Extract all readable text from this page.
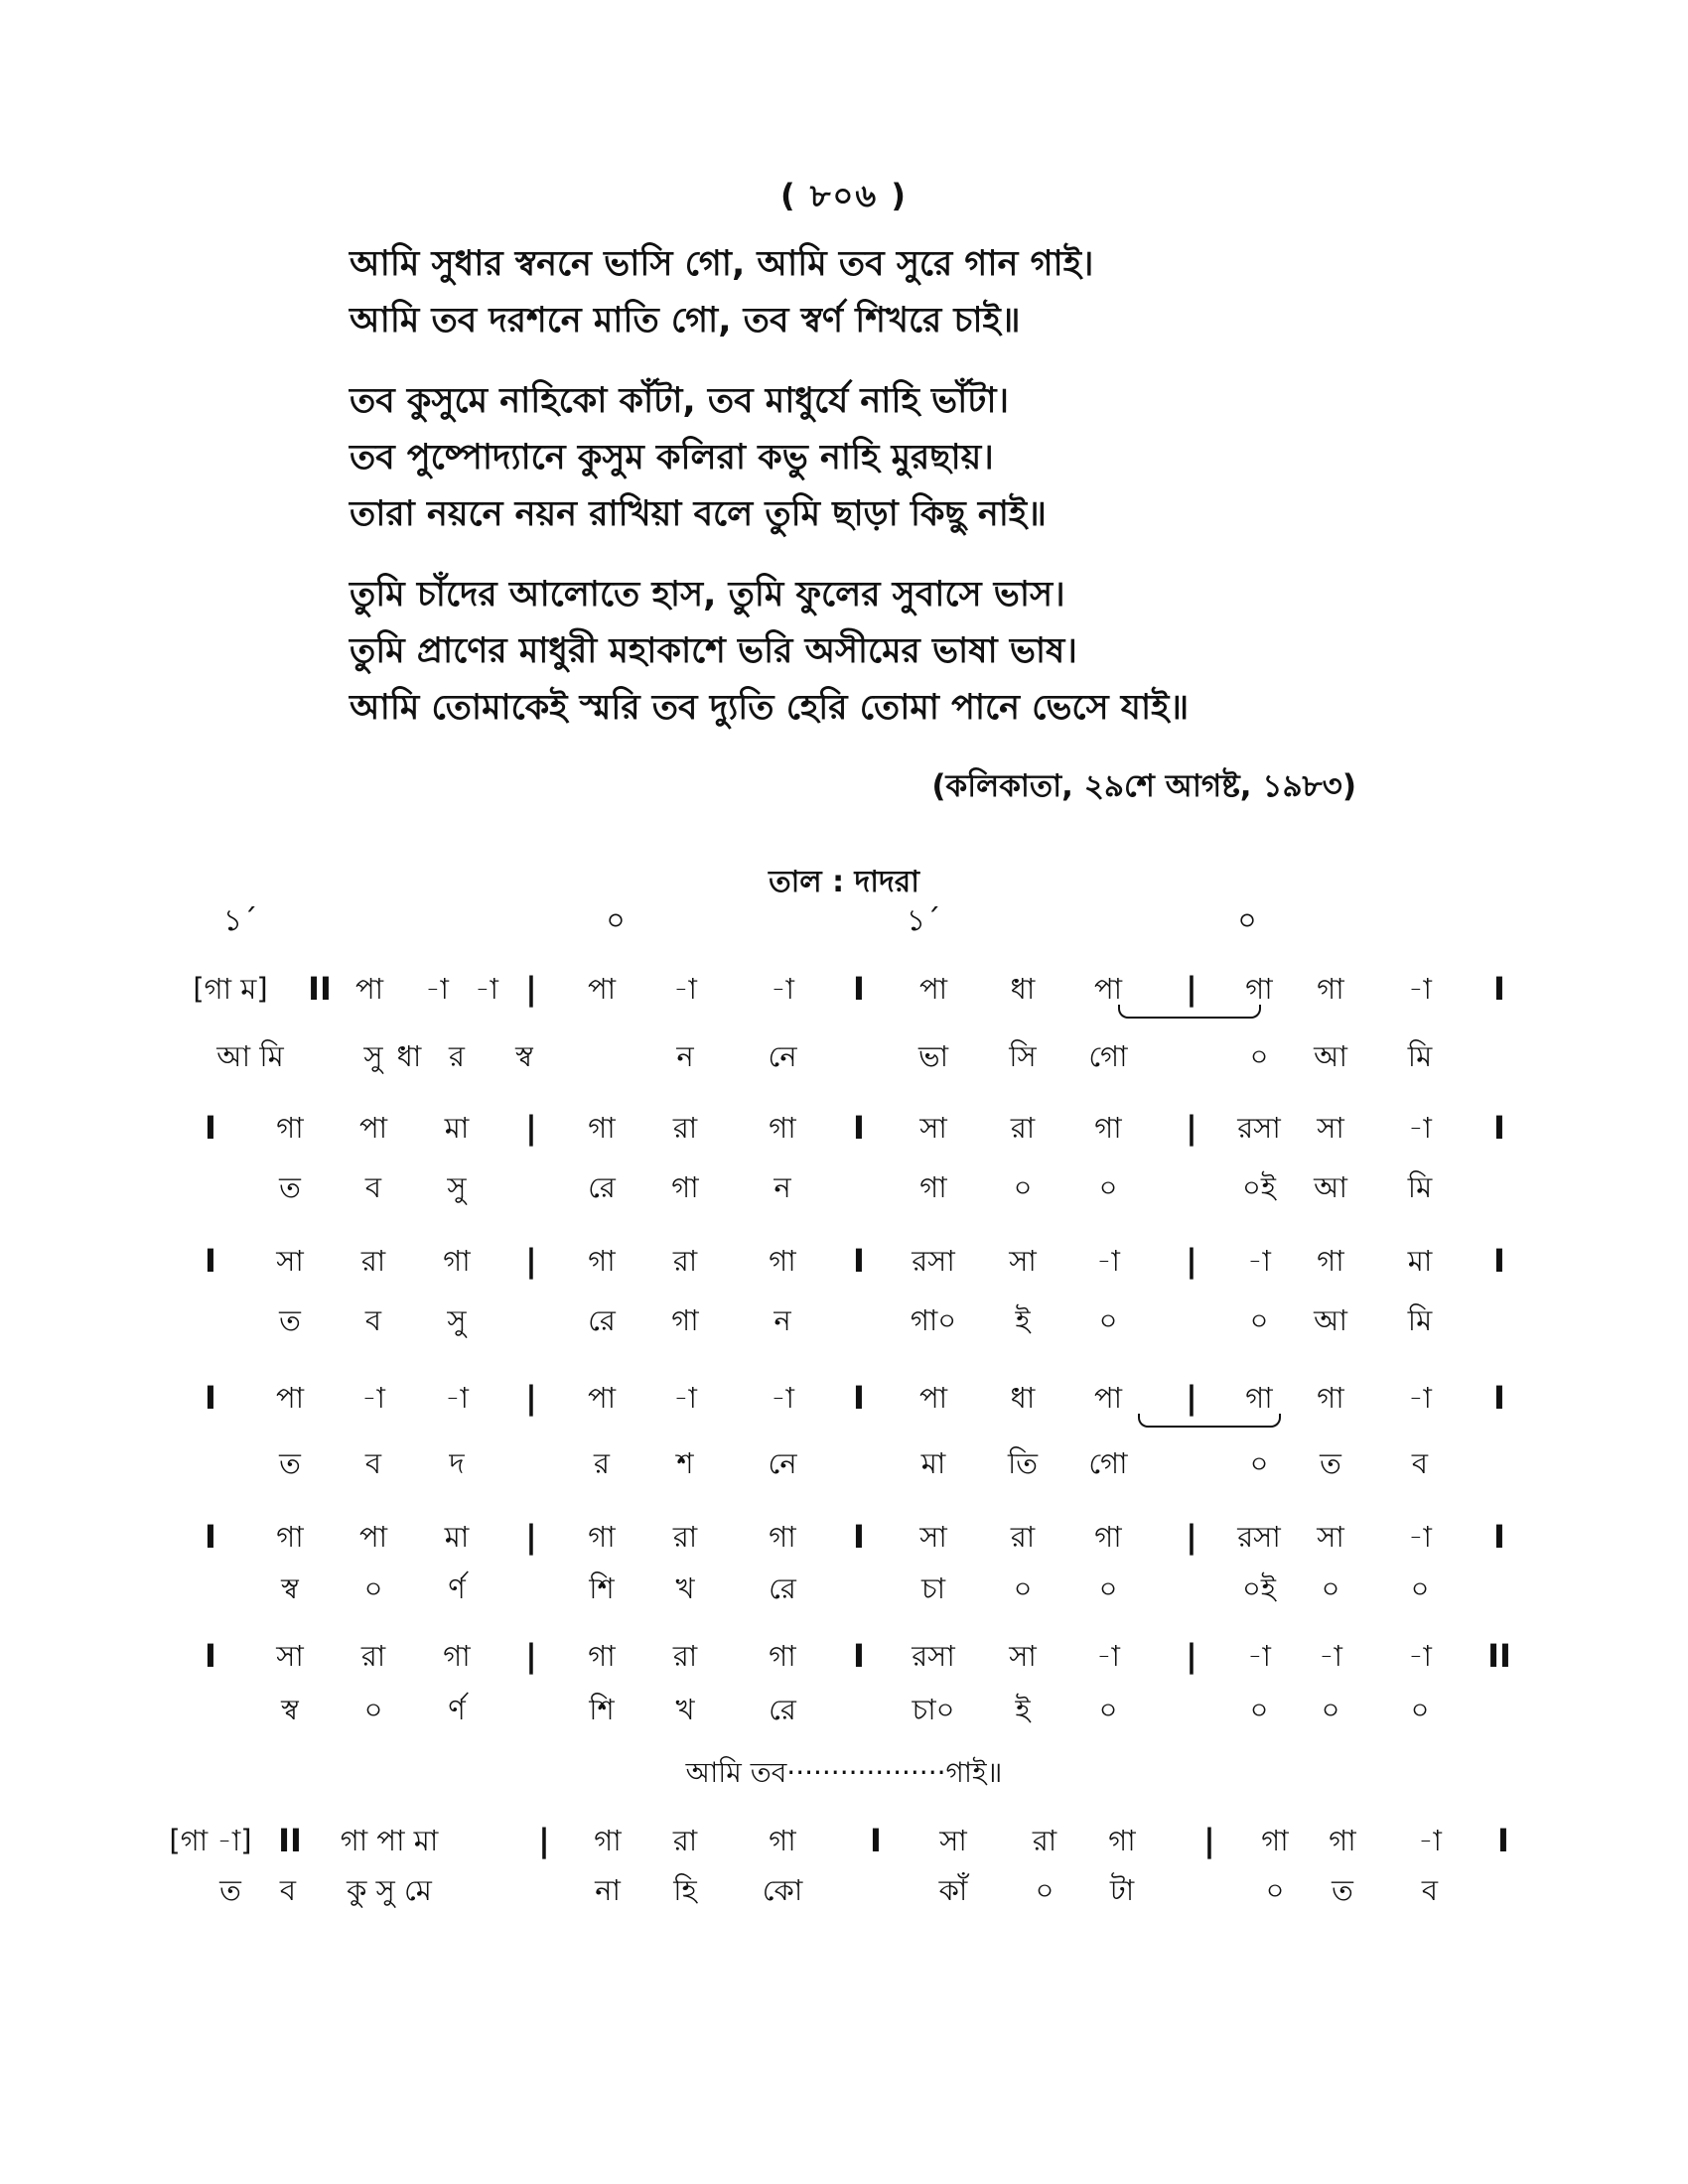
( ৮০৬ )
আমি সুধার স্বননে ভাসি গো, আমি তব সুরে গান গাই।
আমি তব দরশনে মাতি গো, তব স্বর্ণ শিখরে চাই॥
তব কুসুমে নাহিকো কাঁটা, তব মাধুর্যে নাহি ভাঁটা।
তব পুষ্পোদ্যানে কুসুম কলিরা কভু নাহি মুরছায়।
তারা নয়নে নয়ন রাখিয়া বলে তুমি ছাড়া কিছু নাই॥
তুমি চাঁদের আলোতে হাস, তুমি ফুলের সুবাসে ভাস।
তুমি প্রাণের মাধুরী মহাকাশে ভরি অসীমের ভাষা ভাষ।
আমি তোমাকেই স্মরি তব দ্যুতি হেরি তোমা পানে ভেসে যাই॥
(কলিকাতা, ২৯শে আগষ্ট, ১৯৮৩)
তাল : দাদরা
১´	০	১´	০
[গা ম] II পা -া -া | পা -া	-া I পা ধা পা | গা গা -া I
আ মি	সু ধা র স্ব	ন	নে	ভা সি গো	০ আ মি
I গা পা মা | গা রা গা I সা রা গা | রসা সা -া I
ত ব সু	রে গা	ন	গা ০ ০	০ই আ মি
I সা রা গা | গা রা গা I রসা সা -া | -া গা মা I
ত ব সু	রে গা	ন	গা০ ই ০	০ আ মি
I পা -া -া | পা -া	-া I পা ধা পা | গা গা -া I
ত ব দ	র শ	নে	মা তি গো	০ ত ব
I গা পা মা | গা রা গা I সা রা গা | রসা সা -া I
স্ব ০ র্ণ	শি খ	রে	চা ০ ০	০ই ০ ০
I সা রা গা | গা রা গা I রসা সা -া | -া -া -া II
স্ব ০ র্ণ	শি খ	রে	চা০ ই ০	০ ০ ০
[গা -া] II গা পা মা	| গা রা গা I সা রা গা | গা গা -া I
ত ব কু সু মে	না হি কো	কাঁ ০ টা	০ ত ব
আমি তব··················গাই॥
